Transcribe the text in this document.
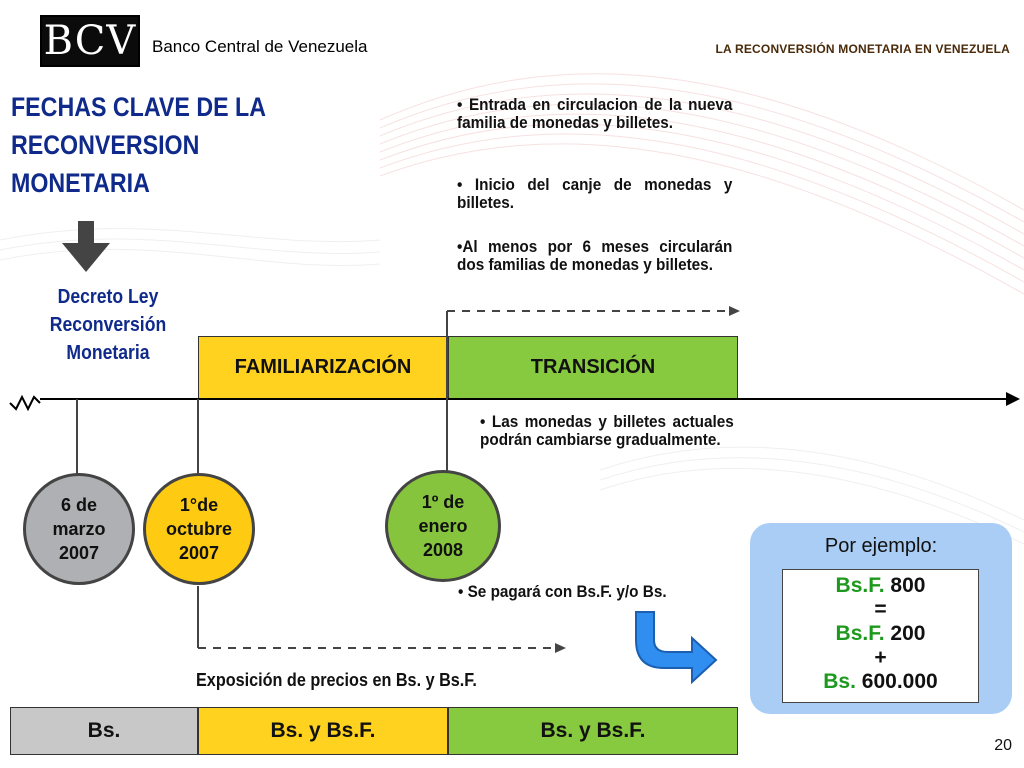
BCV Banco Central de Venezuela	LA RECONVERSIÓN MONETARIA EN VENEZUELA
FECHAS CLAVE DE LA
RECONVERSION
MONETARIA
Decreto Ley
Reconversión
Monetaria
• Entrada en circulacion de la nueva familia de monedas y billetes.
• Inicio del canje de monedas y billetes.
•Al menos por 6 meses circularán dos familias de monedas y billetes.
FAMILIARIZACIÓN	TRANSICIÓN
• Las monedas y billetes actuales podrán cambiarse gradualmente.
6 de
marzo
2007
1°de
octubre
2007
1º de
enero
2008
• Se pagará con Bs.F. y/o Bs.
Exposición de precios en Bs. y Bs.F.
Por ejemplo:
Bs.F. 800
=
Bs.F. 200
+
Bs. 600.000
Bs.	Bs. y Bs.F.	Bs. y Bs.F.
20
